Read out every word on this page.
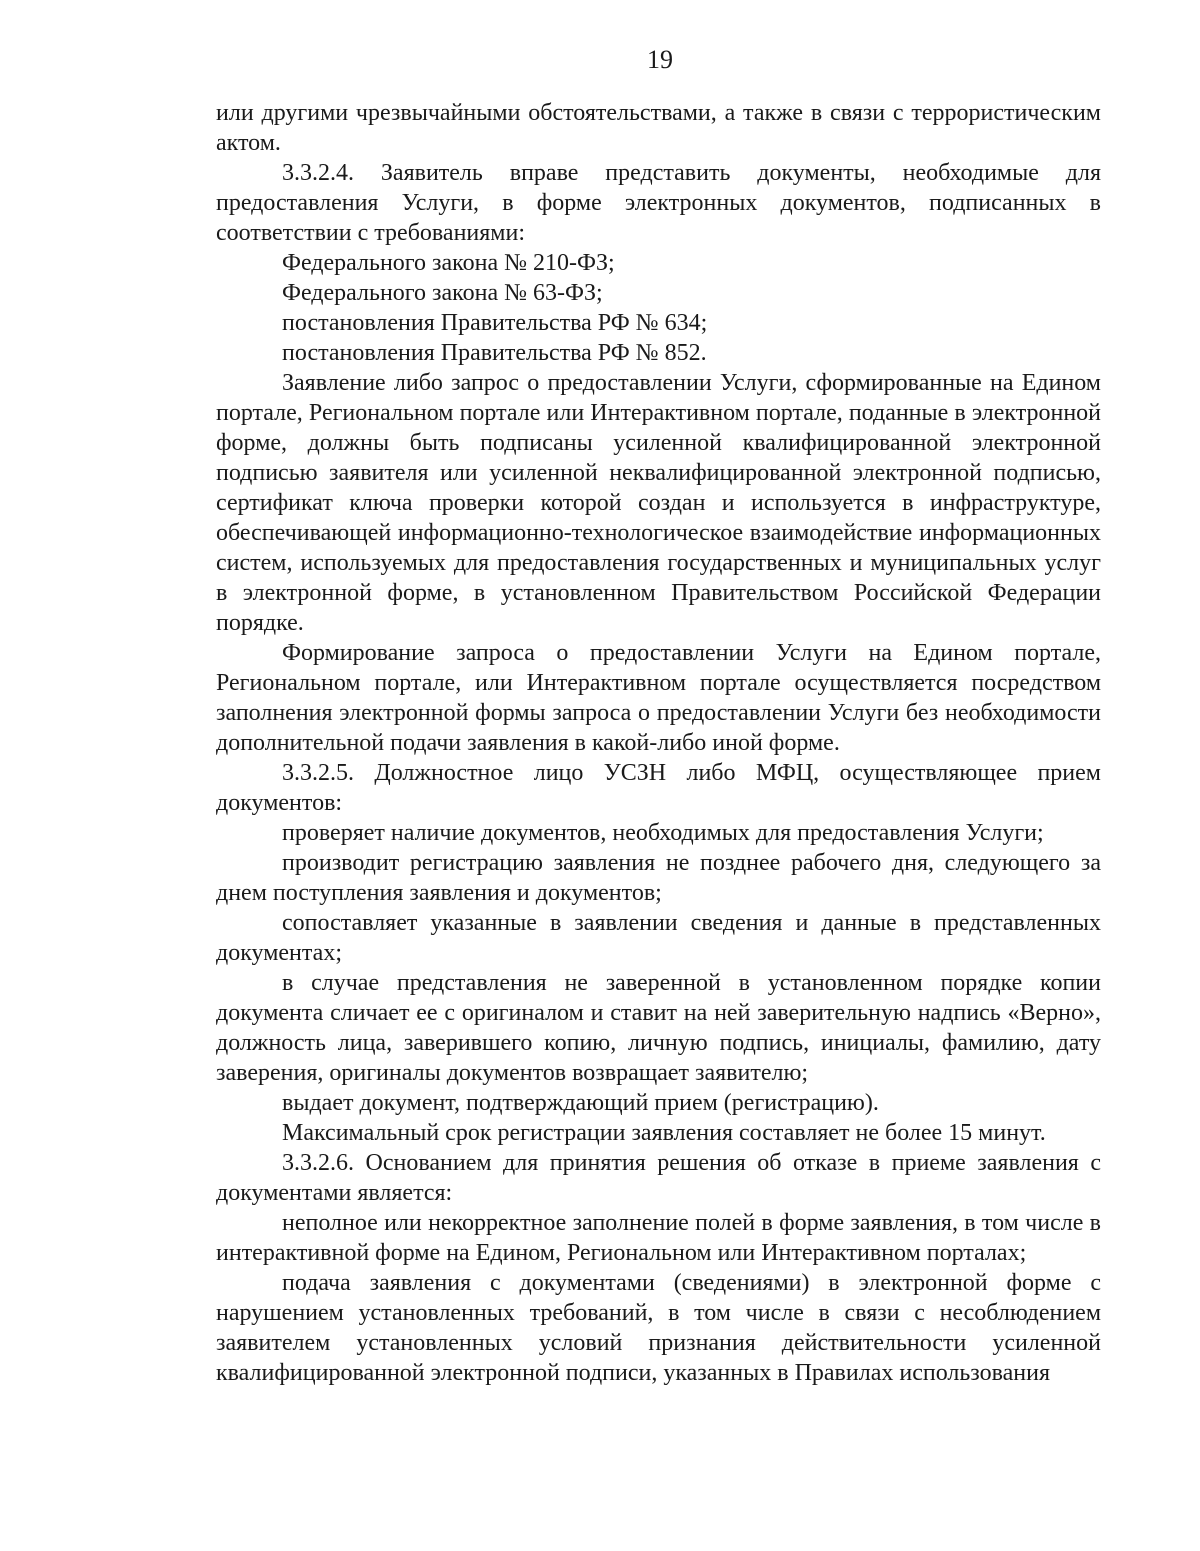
19

или другими чрезвычайными обстоятельствами, а также в связи с террористическим актом.

3.3.2.4. Заявитель вправе представить документы, необходимые для предоставления Услуги, в форме электронных документов, подписанных в соответствии с требованиями:

Федерального закона № 210-ФЗ;

Федерального закона № 63-ФЗ;

постановления Правительства РФ № 634;

постановления Правительства РФ № 852.

Заявление либо запрос о предоставлении Услуги, сформированные на Едином портале, Региональном портале или Интерактивном портале, поданные в электронной форме, должны быть подписаны усиленной квалифицированной электронной подписью заявителя или усиленной неквалифицированной электронной подписью, сертификат ключа проверки которой создан и используется в инфраструктуре, обеспечивающей информационно-технологическое взаимодействие информационных систем, используемых для предоставления государственных и муниципальных услуг в электронной форме, в установленном Правительством Российской Федерации порядке.

Формирование запроса о предоставлении Услуги на Едином портале, Региональном портале, или Интерактивном портале осуществляется посредством заполнения электронной формы запроса о предоставлении Услуги без необходимости дополнительной подачи заявления в какой-либо иной форме.

3.3.2.5. Должностное лицо УСЗН либо МФЦ, осуществляющее прием документов:

проверяет наличие документов, необходимых для предоставления Услуги;

производит регистрацию заявления не позднее рабочего дня, следующего за днем поступления заявления и документов;

сопоставляет указанные в заявлении сведения и данные в представленных документах;

в случае представления не заверенной в установленном порядке копии документа сличает ее с оригиналом и ставит на ней заверительную надпись «Верно», должность лица, заверившего копию, личную подпись, инициалы, фамилию, дату заверения, оригиналы документов возвращает заявителю;

выдает документ, подтверждающий прием (регистрацию).

Максимальный срок регистрации заявления составляет не более 15 минут.

3.3.2.6. Основанием для принятия решения об отказе в приеме заявления с документами является:

неполное или некорректное заполнение полей в форме заявления, в том числе в интерактивной форме на Едином, Региональном или Интерактивном порталах;

подача заявления с документами (сведениями) в электронной форме с нарушением установленных требований, в том числе в связи с несоблюдением заявителем установленных условий признания действительности усиленной квалифицированной электронной подписи, указанных в Правилах использования
